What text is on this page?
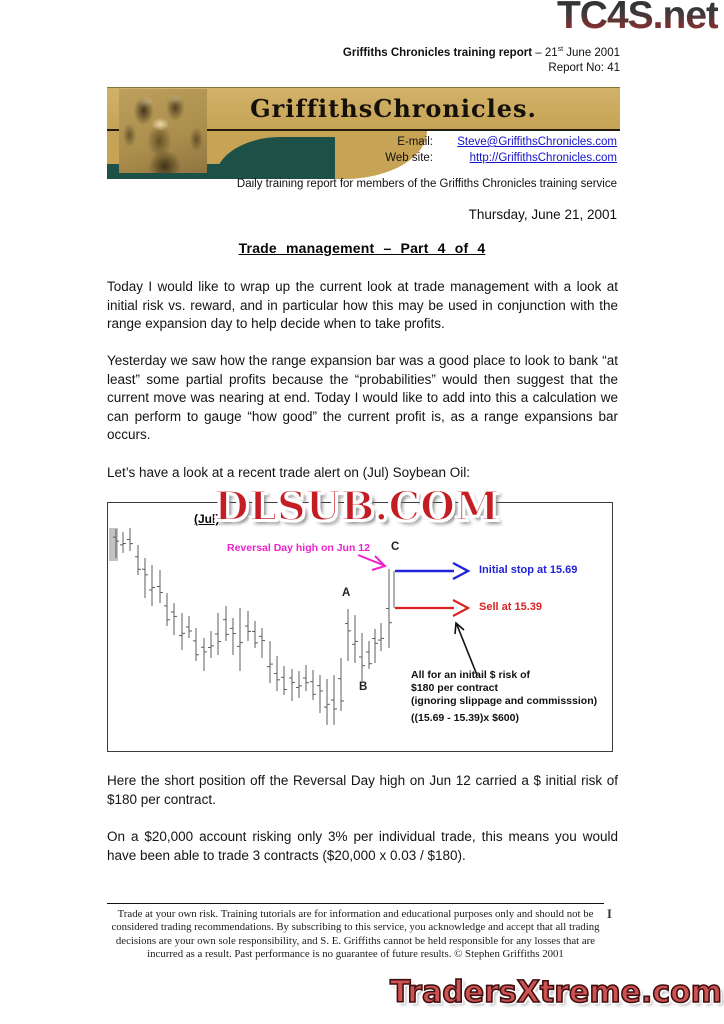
TC4S.net
Griffiths Chronicles training report – 21st June 2001
Report No: 41
GriffithsChronicles.
E-mail:	Steve@GriffithsChronicles.com
Web site:	http://GriffithsChronicles.com
Daily training report for members of the Griffiths Chronicles training service
Thursday, June 21, 2001
Trade management – Part 4 of 4
Today I would like to wrap up the current look at trade management with a look at initial risk vs. reward, and in particular how this may be used in conjunction with the range expansion day to help decide when to take profits.
Yesterday we saw how the range expansion bar was a good place to look to bank “at least” some partial profits because the “probabilities” would then suggest that the current move was nearing at end. Today I would like to add into this a calculation we can perform to gauge “how good” the current profit is, as a range expansions bar occurs.
Let’s have a look at a recent trade alert on (Jul) Soybean Oil:
(Jul)
DLSUB.COM
Reversal Day high on Jun 12
A
B
C
Initial stop at 15.69
Sell at 15.39
All for an initail $ risk of
$180 per contract
(ignoring slippage and commisssion)
((15.69 - 15.39)x $600)
Here the short position off the Reversal Day high on Jun 12 carried a $ initial risk of $180 per contract.
On a $20,000 account risking only 3% per individual trade, this means you would have been able to trade 3 contracts ($20,000 x 0.03 / $180).
Trade at your own risk. Training tutorials are for information and educational purposes only and should not be considered trading recommendations. By subscribing to this service, you acknowledge and accept that all trading decisions are your own sole responsibility, and S. E. Griffiths cannot be held responsible for any losses that are incurred as a result. Past performance is no guarantee of future results. © Stephen Griffiths 2001
I
TradersXtreme.com
